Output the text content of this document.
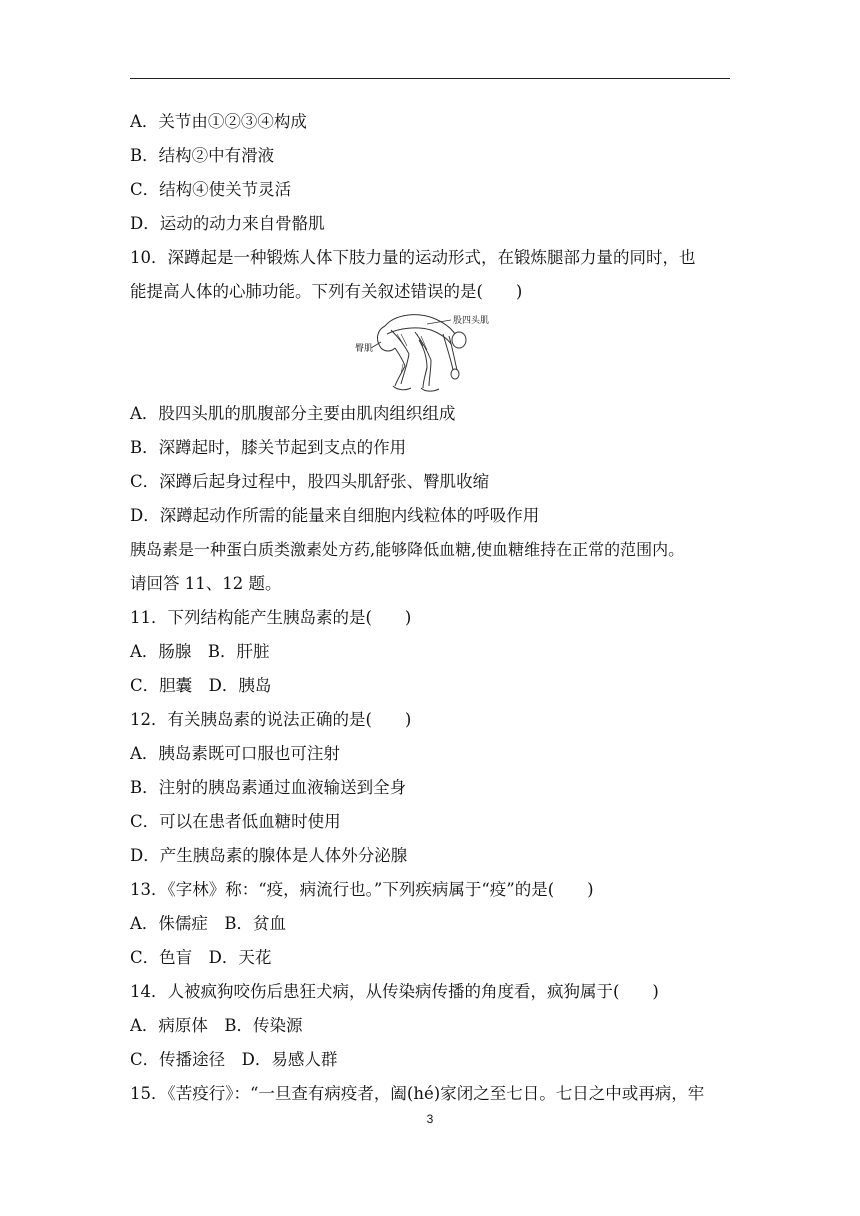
A．关节由①②③④构成
B．结构②中有滑液
C．结构④使关节灵活
D．运动的动力来自骨骼肌
10．深蹲起是一种锻炼人体下肢力量的运动形式，在锻炼腿部力量的同时，也
能提高人体的心肺功能。下列有关叙述错误的是(　　)
股四头肌
臀肌
A．股四头肌的肌腹部分主要由肌肉组织组成
B．深蹲起时，膝关节起到支点的作用
C．深蹲后起身过程中，股四头肌舒张、臀肌收缩
D．深蹲起动作所需的能量来自细胞内线粒体的呼吸作用
胰岛素是一种蛋白质类激素处方药,能够降低血糖,使血糖维持在正常的范围内。
请回答 11、12 题。
11．下列结构能产生胰岛素的是(　　)
A．肠腺　B．肝脏
C．胆囊　D．胰岛
12．有关胰岛素的说法正确的是(　　)
A．胰岛素既可口服也可注射
B．注射的胰岛素通过血液输送到全身
C．可以在患者低血糖时使用
D．产生胰岛素的腺体是人体外分泌腺
13．《字林》称：“疫，病流行也。”下列疾病属于“疫”的是(　　)
A．侏儒症　B．贫血
C．色盲　D．天花
14．人被疯狗咬伤后患狂犬病，从传染病传播的角度看，疯狗属于(　　)
A．病原体　B．传染源
C．传播途径　D．易感人群
15．《苦疫行》：“一旦查有病疫者，阖(hé)家闭之至七日。七日之中或再病，牢
3
